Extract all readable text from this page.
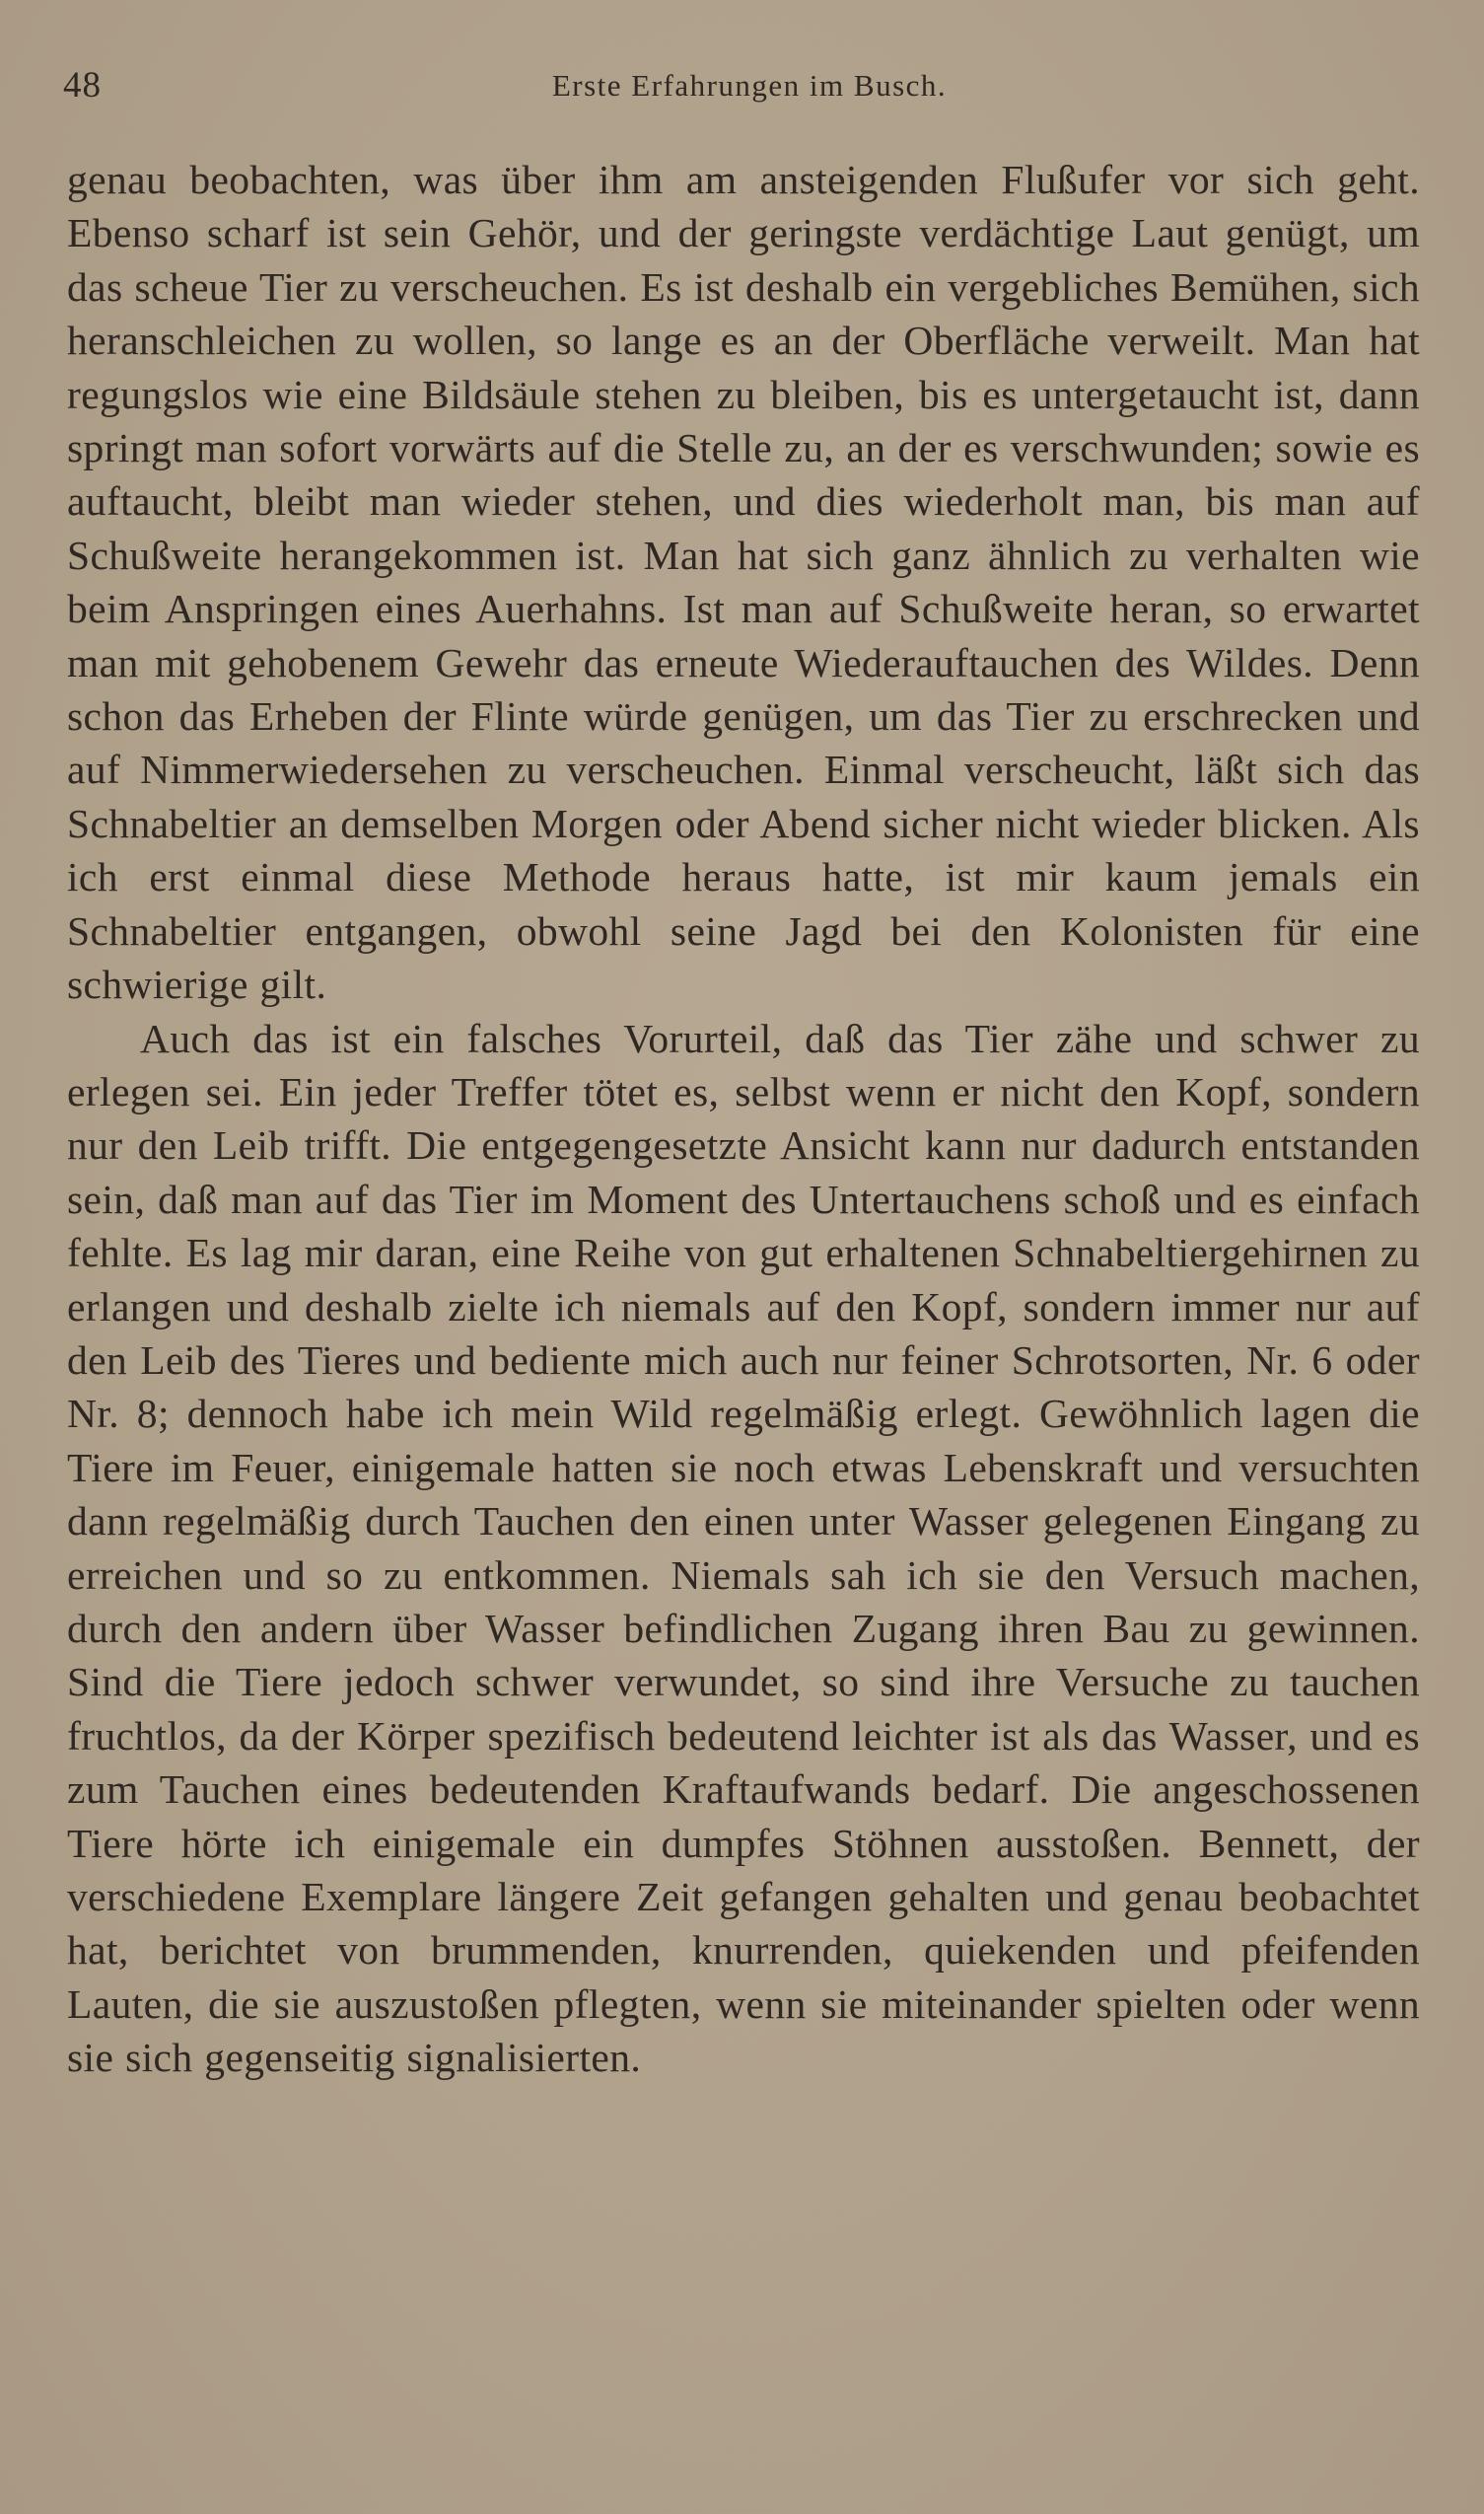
48	Erste Erfahrungen im Busch.

genau beobachten, was über ihm am ansteigenden Flußufer vor sich geht. Ebenso scharf ist sein Gehör, und der geringste verdächtige Laut genügt, um das scheue Tier zu verscheuchen. Es ist deshalb ein vergebliches Bemühen, sich heranschleichen zu wollen, so lange es an der Oberfläche verweilt. Man hat regungslos wie eine Bildsäule stehen zu bleiben, bis es untergetaucht ist, dann springt man sofort vorwärts auf die Stelle zu, an der es verschwunden; sowie es auftaucht, bleibt man wieder stehen, und dies wiederholt man, bis man auf Schußweite herangekommen ist. Man hat sich ganz ähnlich zu verhalten wie beim Anspringen eines Auerhahns. Ist man auf Schußweite heran, so erwartet man mit gehobenem Gewehr das erneute Wiederauftauchen des Wildes. Denn schon das Erheben der Flinte würde genügen, um das Tier zu erschrecken und auf Nimmerwiedersehen zu verscheuchen. Einmal verscheucht, läßt sich das Schnabeltier an demselben Morgen oder Abend sicher nicht wieder blicken. Als ich erst einmal diese Methode heraus hatte, ist mir kaum jemals ein Schnabeltier entgangen, obwohl seine Jagd bei den Kolonisten für eine schwierige gilt.

Auch das ist ein falsches Vorurteil, daß das Tier zähe und schwer zu erlegen sei. Ein jeder Treffer tötet es, selbst wenn er nicht den Kopf, sondern nur den Leib trifft. Die entgegengesetzte Ansicht kann nur dadurch entstanden sein, daß man auf das Tier im Moment des Untertauchens schoß und es einfach fehlte. Es lag mir daran, eine Reihe von gut erhaltenen Schnabeltiergehirnen zu erlangen und deshalb zielte ich niemals auf den Kopf, sondern immer nur auf den Leib des Tieres und bediente mich auch nur feiner Schrotsorten, Nr. 6 oder Nr. 8; dennoch habe ich mein Wild regelmäßig erlegt. Gewöhnlich lagen die Tiere im Feuer, einigemale hatten sie noch etwas Lebenskraft und versuchten dann regelmäßig durch Tauchen den einen unter Wasser gelegenen Eingang zu erreichen und so zu entkommen. Niemals sah ich sie den Versuch machen, durch den andern über Wasser befindlichen Zugang ihren Bau zu gewinnen. Sind die Tiere jedoch schwer verwundet, so sind ihre Versuche zu tauchen fruchtlos, da der Körper spezifisch bedeutend leichter ist als das Wasser, und es zum Tauchen eines bedeutenden Kraftaufwands bedarf. Die angeschossenen Tiere hörte ich einigemale ein dumpfes Stöhnen ausstoßen. Bennett, der verschiedene Exemplare längere Zeit gefangen gehalten und genau beobachtet hat, berichtet von brummenden, knurrenden, quiekenden und pfeifenden Lauten, die sie auszustoßen pflegten, wenn sie miteinander spielten oder wenn sie sich gegenseitig signalisierten.
